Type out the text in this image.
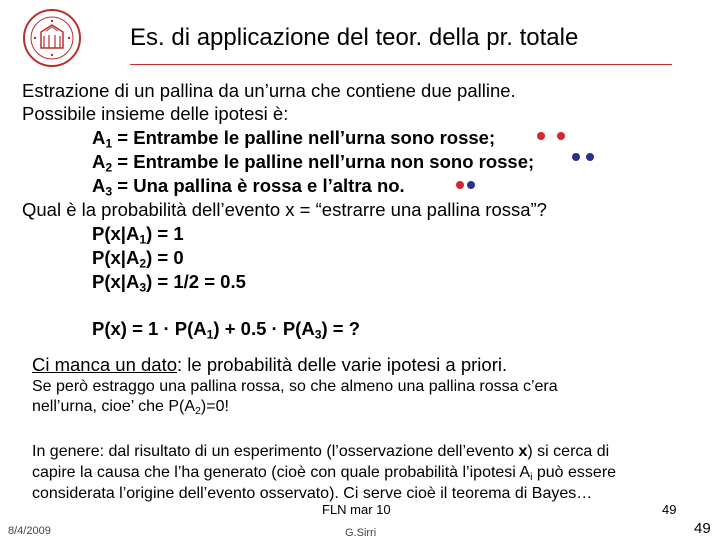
Es. di applicazione del teor. della pr. totale
Estrazione di un pallina da un’urna che contiene due palline.
Possibile insieme delle ipotesi è:
$A_1$ = Entrambe le palline nell’urna sono rosse;
$A_2$ = Entrambe le palline nell’urna non sono rosse;
$A_3$ = Una pallina è rossa e l’altra no.
Qual è la probabilità dell’evento x = “estrarre una pallina rossa”?
$P(x|A_1) = 1$
$P(x|A_2) = 0$
$P(x|A_3) = 1/2 = 0.5$
$P(x) = 1 \cdot P(A_1) + 0.5 \cdot P(A_3)$ = ?
Ci manca un dato: le probabilità delle varie ipotesi a priori.
Se però estraggo una pallina rossa, so che almeno una pallina rossa c’era
nell’urna, cioe’ che $P(A_2)=0$!
In genere: dal risultato di un esperimento (l’osservazione dell’evento x) si cerca di
capire la causa che l’ha generato (cioè con quale probabilità l’ipotesi $A_i$ può essere
considerata l’origine dell’evento osservato). Ci serve cioè il teorema di Bayes…
FLN mar 10	49
8/4/2009	G.Sirri	49
